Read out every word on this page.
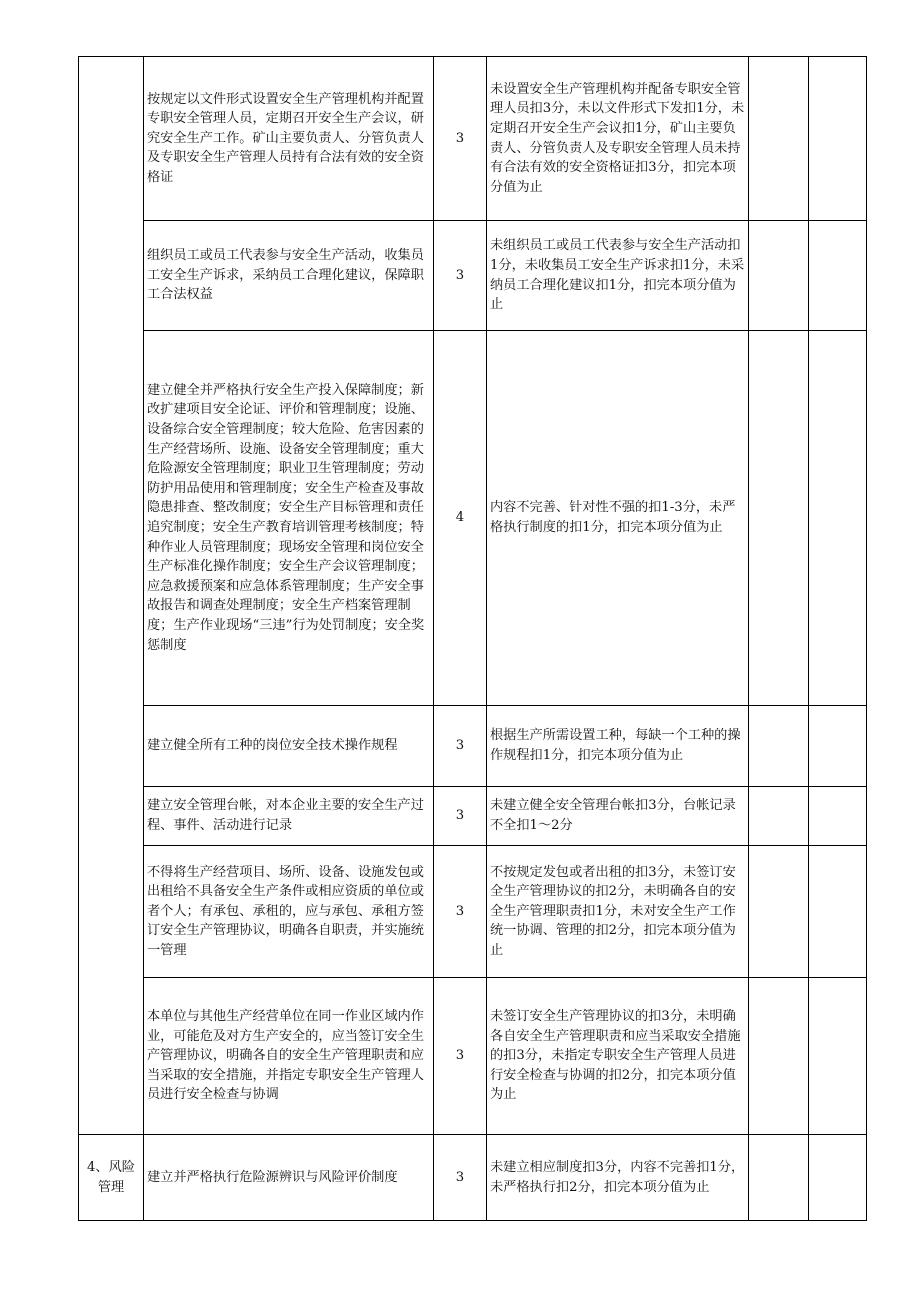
	按规定以文件形式设置安全生产管理机构并配置专职安全管理人员，定期召开安全生产会议，研究安全生产工作。矿山主要负责人、分管负责人及专职安全生产管理人员持有合法有效的安全资格证	3	未设置安全生产管理机构并配备专职安全管理人员扣3分，未以文件形式下发扣1分，未定期召开安全生产会议扣1分，矿山主要负责人、分管负责人及专职安全管理人员未持有合法有效的安全资格证扣3分，扣完本项分值为止		
	组织员工或员工代表参与安全生产活动，收集员工安全生产诉求，采纳员工合理化建议，保障职工合法权益	3	未组织员工或员工代表参与安全生产活动扣1分，未收集员工安全生产诉求扣1分，未采纳员工合理化建议扣1分，扣完本项分值为止		
	建立健全并严格执行安全生产投入保障制度；新改扩建项目安全论证、评价和管理制度；设施、设备综合安全管理制度；较大危险、危害因素的生产经营场所、设施、设备安全管理制度；重大危险源安全管理制度；职业卫生管理制度；劳动防护用品使用和管理制度；安全生产检查及事故隐患排查、整改制度；安全生产目标管理和责任追究制度；安全生产教育培训管理考核制度；特种作业人员管理制度；现场安全管理和岗位安全生产标准化操作制度；安全生产会议管理制度；应急救援预案和应急体系管理制度；生产安全事故报告和调查处理制度；安全生产档案管理制度；生产作业现场“三违”行为处罚制度；安全奖惩制度	4	内容不完善、针对性不强的扣1-3分，未严格执行制度的扣1分，扣完本项分值为止		
	建立健全所有工种的岗位安全技术操作规程	3	根据生产所需设置工种，每缺一个工种的操作规程扣1分，扣完本项分值为止		
	建立安全管理台帐，对本企业主要的安全生产过程、事件、活动进行记录	3	未建立健全安全管理台帐扣3分，台帐记录不全扣1～2分		
	不得将生产经营项目、场所、设备、设施发包或出租给不具备安全生产条件或相应资质的单位或者个人；有承包、承租的，应与承包、承租方签订安全生产管理协议，明确各自职责，并实施统一管理	3	不按规定发包或者出租的扣3分，未签订安全生产管理协议的扣2分，未明确各自的安全生产管理职责扣1分，未对安全生产工作统一协调、管理的扣2分，扣完本项分值为止		
	本单位与其他生产经营单位在同一作业区域内作业，可能危及对方生产安全的，应当签订安全生产管理协议，明确各自的安全生产管理职责和应当采取的安全措施，并指定专职安全生产管理人员进行安全检查与协调	3	未签订安全生产管理协议的扣3分，未明确各自安全生产管理职责和应当采取安全措施的扣3分，未指定专职安全生产管理人员进行安全检查与协调的扣2分，扣完本项分值为止		
4、风险管理	建立并严格执行危险源辨识与风险评价制度	3	未建立相应制度扣3分，内容不完善扣1分，未严格执行扣2分，扣完本项分值为止		
